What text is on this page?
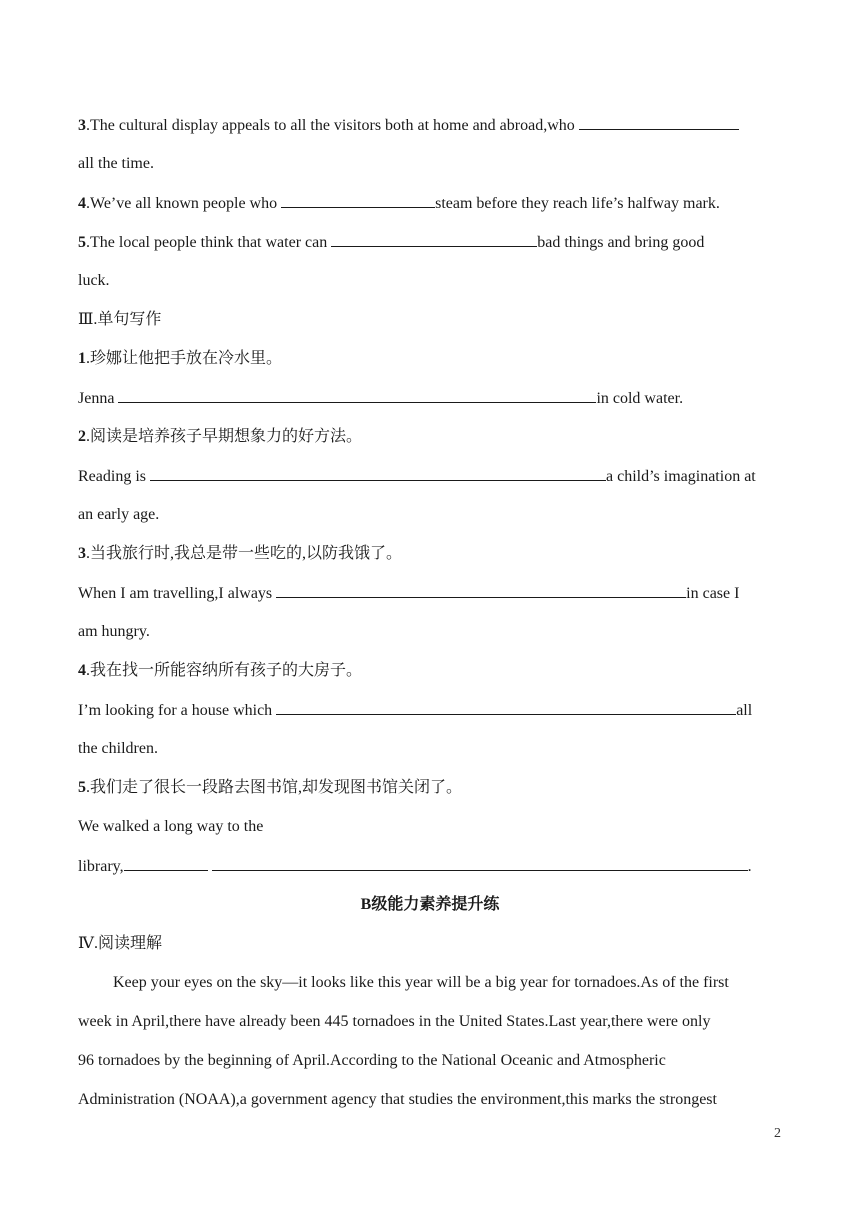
3.The cultural display appeals to all the visitors both at home and abroad,who
all the time.
4.We’ve all known people who	steam before they reach life’s halfway mark.
5.The local people think that water can	bad things and bring good
luck.
Ⅲ.单句写作
1.珍娜让他把手放在冷水里。
Jenna	in cold water.
2.阅读是培养孩子早期想象力的好方法。
Reading is	a child’s imagination at
an early age.
3.当我旅行时,我总是带一些吃的,以防我饿了。
When I am travelling,I always	in case I
am hungry.
4.我在找一所能容纳所有孩子的大房子。
I’m looking for a house which	all
the children.
5.我们走了很长一段路去图书馆,却发现图书馆关闭了。
We walked a long way to the
library,	.
B级能力素养提升练
Ⅳ.阅读理解
Keep your eyes on the sky—it looks like this year will be a big year for tornadoes.As of the first
week in April,there have already been 445 tornadoes in the United States.Last year,there were only
96 tornadoes by the beginning of April.According to the National Oceanic and Atmospheric
Administration (NOAA),a government agency that studies the environment,this marks the strongest
2
